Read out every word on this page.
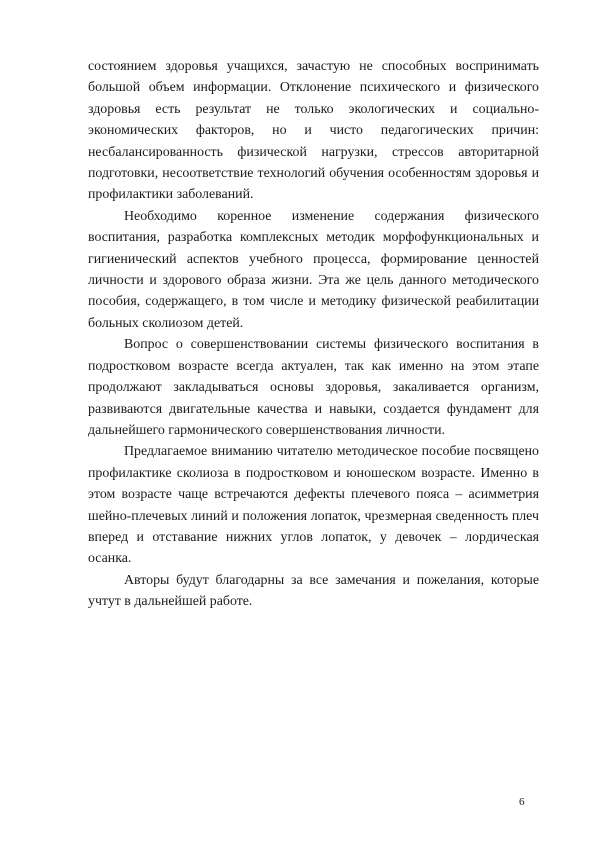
состоянием здоровья учащихся, зачастую не способных воспринимать большой объем информации. Отклонение психического и физического здоровья есть результат не только экологических и социально-экономических факторов, но и чисто педагогических причин: несбалансированность физической нагрузки, стрессов авторитарной подготовки, несоответствие технологий обучения особенностям здоровья и профилактики заболеваний.

Необходимо коренное изменение содержания физического воспитания, разработка комплексных методик морфофункциональных и гигиенический аспектов учебного процесса, формирование ценностей личности и здорового образа жизни. Эта же цель данного методического пособия, содержащего, в том числе и методику физической реабилитации больных сколиозом детей.

Вопрос о совершенствовании системы физического воспитания в подростковом возрасте всегда актуален, так как именно на этом этапе продолжают закладываться основы здоровья, закаливается организм, развиваются двигательные качества и навыки, создается фундамент для дальнейшего гармонического совершенствования личности.

Предлагаемое вниманию читателю методическое пособие посвящено профилактике сколиоза в подростковом и юношеском возрасте. Именно в этом возрасте чаще встречаются дефекты плечевого пояса – асимметрия шейно-плечевых линий и положения лопаток, чрезмерная сведенность плеч вперед и отставание нижних углов лопаток, у девочек – лордическая осанка.

Авторы будут благодарны за все замечания и пожелания, которые учтут в дальнейшей работе.

6
